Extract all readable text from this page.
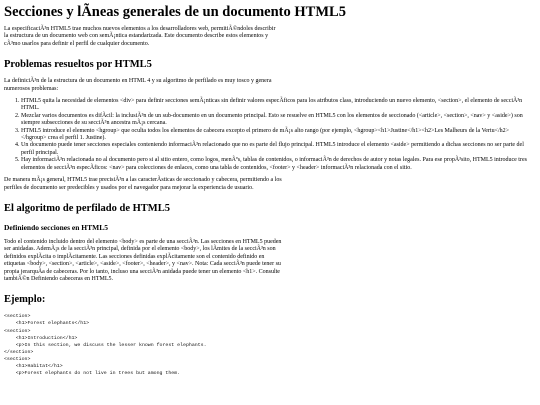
Secciones y lÃneas generales de un documento HTML5

La especificaciÃ³n HTML5 trae muchos nuevos elementos a los desarrolladores web, permitiÃ©ndoles describir la estructura de un documento web con semÃ¡ntica estandarizada. Este documento describe estos elementos y cÃ³mo usarlos para definir el perfil de cualquier documento.

Problemas resueltos por HTML5

La definiciÃ³n de la estructura de un documento en HTML 4 y su algoritmo de perfilado es muy tosco y genera numerosos problemas:

1. HTML5 quita la necesidad de elementos <div> para definir secciones semÃ¡nticas sin definir valores especÃficos para los atributos class, introduciendo un nuevo elemento, <section>, el elemento de secciÃ³n HTML.
2. Mezclar varios documentos es difÃcil: la inclusiÃ³n de un sub-documento en un documento principal. Esto se resuelve en HTML5 con los elementos de seccionado (<article>, <section>, <nav> y <aside>) son siempre subsecciones de su secciÃ³n ancestra mÃ¡s cercana.
3. HTML5 introduce el elemento <hgroup> que oculta todos los elementos de cabecera excepto el primero de mÃ¡s alto rango (por ejemplo, <hgroup><h1>Justine</h1><h2>Les Malheurs de la Vertu</h2></hgroup> crea el perfil 1. Justine).
4. Un documento puede tener secciones especiales conteniendo informaciÃ³n relacionado que no es parte del flujo principal. HTML5 introduce el elemento <aside> permitiendo a dichas secciones no ser parte del perfil principal.
5. Hay informaciÃ³n relacionada no al documento pero si al sitio entero, como logos, menÃºs, tablas de contenidos, o informaciÃ³n de derechos de autor y notas legales. Para ese propÃ³sito, HTML5 introduce tres elementos de secciÃ³n especÃficos: <nav> para colecciones de enlaces, como una tabla de contenidos, <footer> y <header> informaciÃ³n relacionada con el sitio.

De manera mÃ¡s general, HTML5 trae precisiÃ³n a las caracterÃsticas de seccionado y cabecera, permitiendo a los perfiles de documento ser predecibles y usados por el navegador para mejorar la experiencia de usuario.

El algoritmo de perfilado de HTML5
Definiendo secciones en HTML5

Todo el contenido incluido dentro del elemento <body> es parte de una secciÃ³n. Las secciones en HTML5 pueden ser anidadas. AdemÃ¡s de la secciÃ³n principal, definida por el elemento <body>, los lÃmites de la secciÃ³n son definidos explÃcita o implÃcitamente. Las secciones definidas explÃcitamente son el contenido definido en etiquetas <body>, <section>, <article>, <aside>, <footer>, <header>, y <nav>. Nota: Cada secciÃ³n puede tener su propia jerarquÃa de cabeceras. Por lo tanto, incluso una secciÃ³n anidada puede tener un elemento <h1>. Consulte tambiÃ©n Definiendo cabeceras en HTML5.

Ejemplo:
<section>
<h1>Forest elephants</h1>
<section>
<h1>Introduction</h1>
<p>In this section, we discuss the lesser known forest elephants.
</section>
<section>
<h1>Habitat</h1>
<p>Forest elephants do not live in trees but among them.
